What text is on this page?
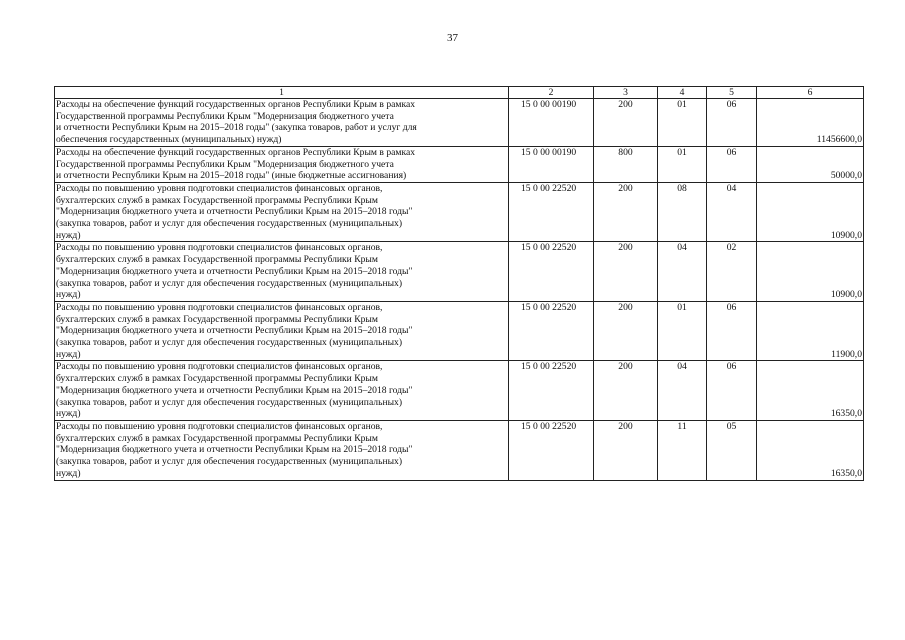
37
1	2	3	4	5	6

Расходы на обеспечение функций государственных органов Республики Крым в рамках
Государственной программы Республики Крым "Модернизация бюджетного учета
и отчетности Республики Крым на 2015–2018 годы" (закупка товаров, работ и услуг для
обеспечения государственных (муниципальных) нужд)	15 0 00 00190	200	01	06	11456600,0

Расходы на обеспечение функций государственных органов Республики Крым в рамках
Государственной программы Республики Крым "Модернизация бюджетного учета
и отчетности Республики Крым на 2015–2018 годы" (иные бюджетные ассигнования)	15 0 00 00190	800	01	06	50000,0

Расходы по повышению уровня подготовки специалистов финансовых органов,
бухгалтерских служб в рамках Государственной программы Республики Крым
"Модернизация бюджетного учета и отчетности Республики Крым на 2015–2018 годы"
(закупка товаров, работ и услуг для обеспечения государственных (муниципальных)
нужд)	15 0 00 22520	200	08	04	10900,0

Расходы по повышению уровня подготовки специалистов финансовых органов,
бухгалтерских служб в рамках Государственной программы Республики Крым
"Модернизация бюджетного учета и отчетности Республики Крым на 2015–2018 годы"
(закупка товаров, работ и услуг для обеспечения государственных (муниципальных)
нужд)	15 0 00 22520	200	04	02	10900,0

Расходы по повышению уровня подготовки специалистов финансовых органов,
бухгалтерских служб в рамках Государственной программы Республики Крым
"Модернизация бюджетного учета и отчетности Республики Крым на 2015–2018 годы"
(закупка товаров, работ и услуг для обеспечения государственных (муниципальных)
нужд)	15 0 00 22520	200	01	06	11900,0

Расходы по повышению уровня подготовки специалистов финансовых органов,
бухгалтерских служб в рамках Государственной программы Республики Крым
"Модернизация бюджетного учета и отчетности Республики Крым на 2015–2018 годы"
(закупка товаров, работ и услуг для обеспечения государственных (муниципальных)
нужд)	15 0 00 22520	200	04	06	16350,0

Расходы по повышению уровня подготовки специалистов финансовых органов,
бухгалтерских служб в рамках Государственной программы Республики Крым
"Модернизация бюджетного учета и отчетности Республики Крым на 2015–2018 годы"
(закупка товаров, работ и услуг для обеспечения государственных (муниципальных)
нужд)	15 0 00 22520	200	11	05	16350,0
